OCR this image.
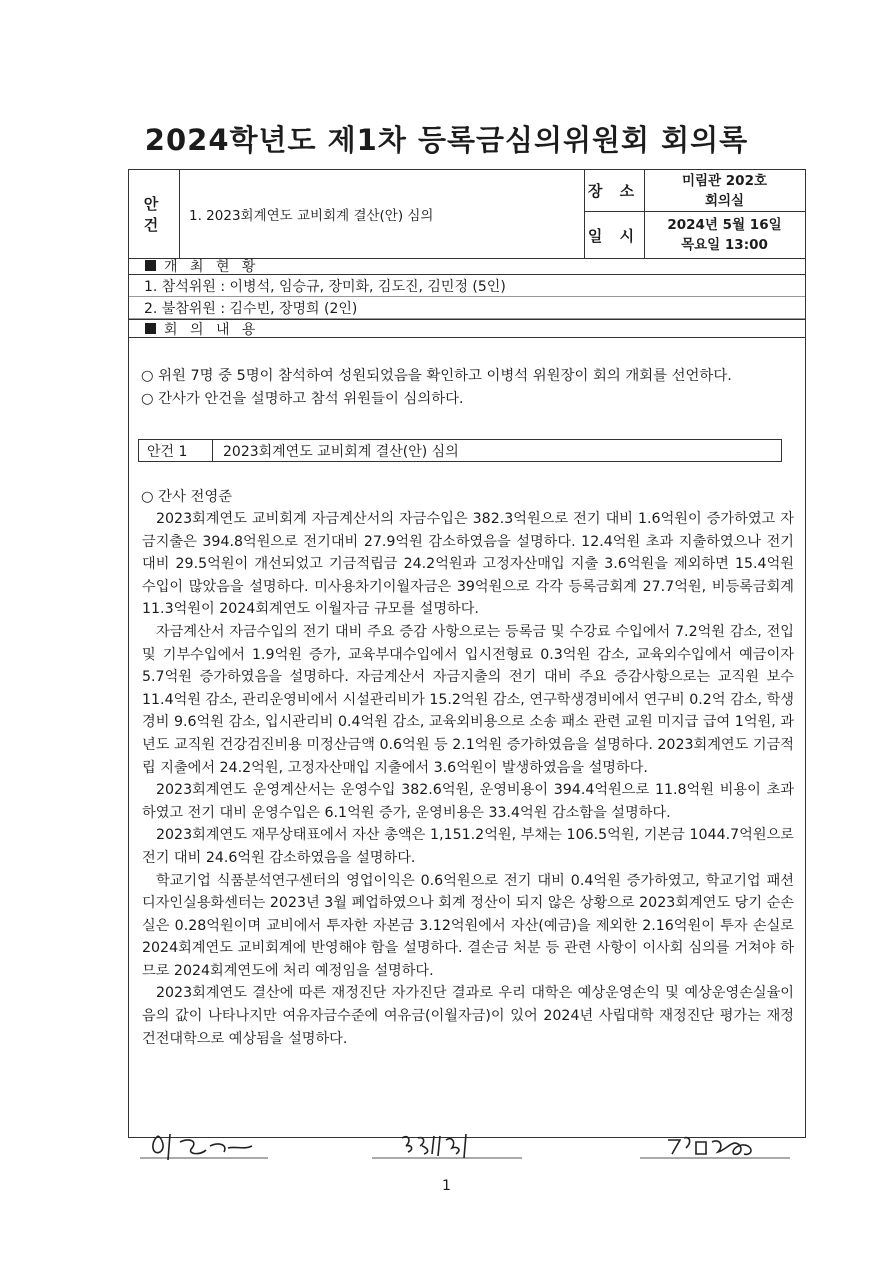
2024학년도 제1차 등록금심의위원회 회의록
안 건	1. 2023회계연도 교비회계 결산(안) 심의
장 소
미림관 202호
회의실
일 시
2024년 5월 16일
목요일 13:00
개 최 현 황
1. 참석위원 : 이병석, 임승규, 장미화, 김도진, 김민정 (5인)
2. 불참위원 : 김수빈, 장명희 (2인)
회 의 내 용
○ 위원 7명 중 5명이 참석하여 성원되었음을 확인하고 이병석 위원장이 회의 개회를 선언하다.
○ 간사가 안건을 설명하고 참석 위원들이 심의하다.
안건 1	2023회계연도 교비회계 결산(안) 심의
○ 간사 전영준

2023회계연도 교비회계 자금계산서의 자금수입은 382.3억원으로 전기 대비 1.6억원이 증가하였고 자금지출은 394.8억원으로 전기대비 27.9억원 감소하였음을 설명하다. 12.4억원 초과 지출하였으나 전기 대비 29.5억원이 개선되었고 기금적립금 24.2억원과 고정자산매입 지출 3.6억원을 제외하면 15.4억원 수입이 많았음을 설명하다. 미사용차기이월자금은 39억원으로 각각 등록금회계 27.7억원, 비등록금회계 11.3억원이 2024회계연도 이월자금 규모를 설명하다.

자금계산서 자금수입의 전기 대비 주요 증감 사항으로는 등록금 및 수강료 수입에서 7.2억원 감소, 전입 및 기부수입에서 1.9억원 증가, 교육부대수입에서 입시전형료 0.3억원 감소, 교육외수입에서 예금이자 5.7억원 증가하였음을 설명하다. 자금계산서 자금지출의 전기 대비 주요 증감사항으로는 교직원 보수 11.4억원 감소, 관리운영비에서 시설관리비가 15.2억원 감소, 연구학생경비에서 연구비 0.2억 감소, 학생경비 9.6억원 감소, 입시관리비 0.4억원 감소, 교육외비용으로 소송 패소 관련 교원 미지급 급여 1억원, 과년도 교직원 건강검진비용 미정산금액 0.6억원 등 2.1억원 증가하였음을 설명하다. 2023회계연도 기금적립 지출에서 24.2억원, 고정자산매입 지출에서 3.6억원이 발생하였음을 설명하다.

2023회계연도 운영계산서는 운영수입 382.6억원, 운영비용이 394.4억원으로 11.8억원 비용이 초과하였고 전기 대비 운영수입은 6.1억원 증가, 운영비용은 33.4억원 감소함을 설명하다.

2023회계연도 재무상태표에서 자산 총액은 1,151.2억원, 부채는 106.5억원, 기본금 1044.7억원으로 전기 대비 24.6억원 감소하였음을 설명하다.

학교기업 식품분석연구센터의 영업이익은 0.6억원으로 전기 대비 0.4억원 증가하였고, 학교기업 패션디자인실용화센터는 2023년 3월 폐업하였으나 회계 정산이 되지 않은 상황으로 2023회계연도 당기 순손실은 0.28억원이며 교비에서 투자한 자본금 3.12억원에서 자산(예금)을 제외한 2.16억원이 투자 손실로 2024회계연도 교비회계에 반영해야 함을 설명하다. 결손금 처분 등 관련 사항이 이사회 심의를 거쳐야 하므로 2024회계연도에 처리 예정임을 설명하다.

2023회계연도 결산에 따른 재정진단 자가진단 결과로 우리 대학은 예상운영손익 및 예상운영손실율이 음의 값이 나타나지만 여유자금수준에 여유금(이월자금)이 있어 2024년 사립대학 재정진단 평가는 재정건전대학으로 예상됨을 설명하다.

1
